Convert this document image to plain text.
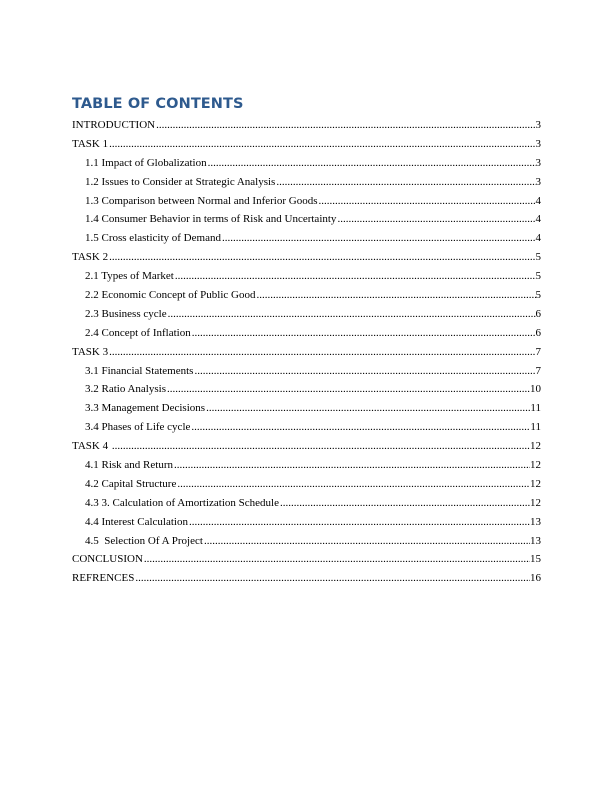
TABLE OF CONTENTS
INTRODUCTION .....	3
TASK 1 .....	3
1.1 Impact of Globalization .....	3
1.2 Issues to Consider at Strategic Analysis .....	3
1.3 Comparison between Normal and Inferior Goods .....	4
1.4 Consumer Behavior in terms of Risk and Uncertainty .....	4
1.5 Cross elasticity of Demand .....	4
TASK 2 .....	5
2.1 Types of Market .....	5
2.2 Economic Concept of Public Good .....	5
2.3 Business cycle .....	6
2.4 Concept of Inflation .....	6
TASK 3 .....	7
3.1 Financial Statements .....	7
3.2 Ratio Analysis .....	10
3.3 Management Decisions .....	11
3.4 Phases of Life cycle .....	11
TASK 4 .....	12
4.1 Risk and Return .....	12
4.2 Capital Structure .....	12
4.3 3. Calculation of Amortization Schedule .....	12
4.4 Interest Calculation .....	13
4.5  Selection Of A Project .....	13
CONCLUSION .....	15
REFRENCES .....	16
